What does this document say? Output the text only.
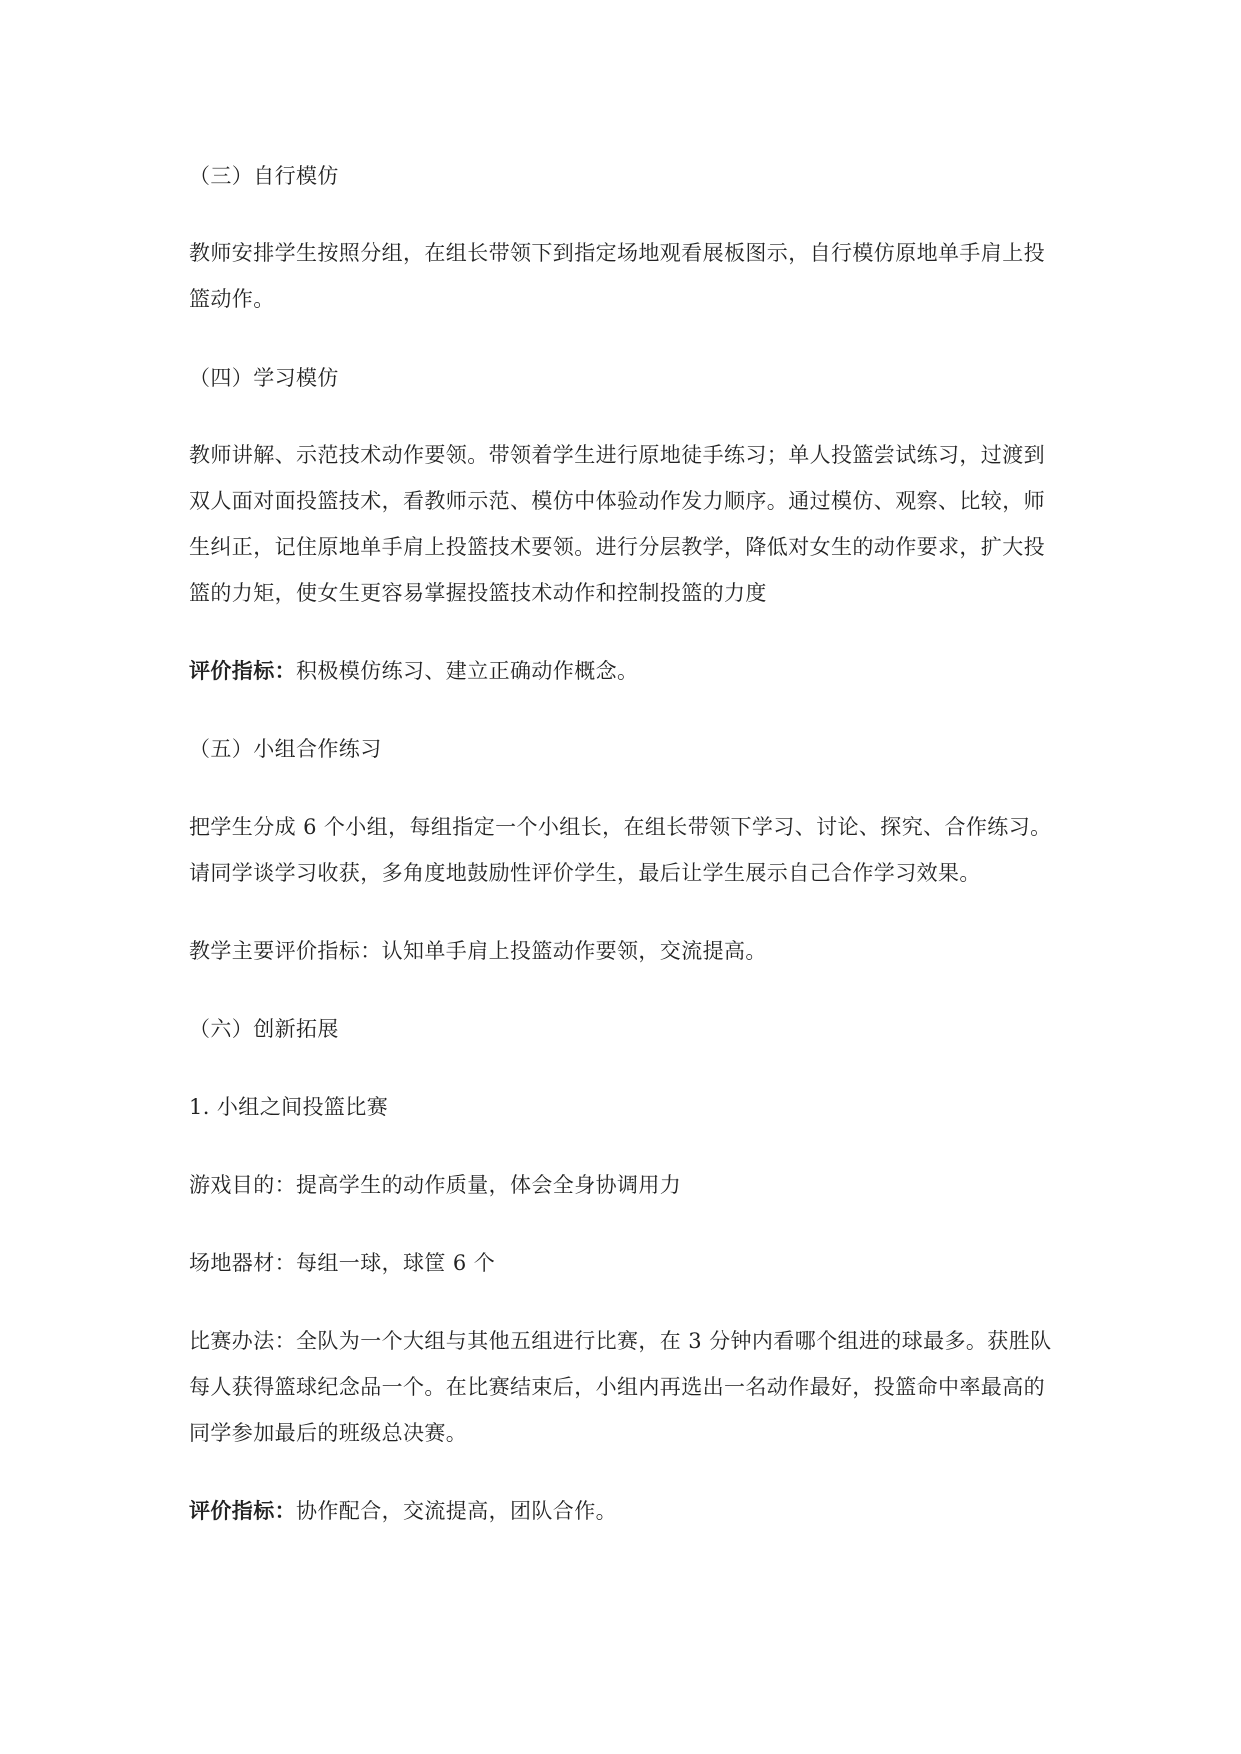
（三）自行模仿
教师安排学生按照分组，在组长带领下到指定场地观看展板图示，自行模仿原地单手肩上投
篮动作。
（四）学习模仿
教师讲解、示范技术动作要领。带领着学生进行原地徒手练习；单人投篮尝试练习，过渡到
双人面对面投篮技术，看教师示范、模仿中体验动作发力顺序。通过模仿、观察、比较，师
生纠正，记住原地单手肩上投篮技术要领。进行分层教学，降低对女生的动作要求，扩大投
篮的力矩，使女生更容易掌握投篮技术动作和控制投篮的力度
评价指标：积极模仿练习、建立正确动作概念。
（五）小组合作练习
把学生分成 6 个小组，每组指定一个小组长，在组长带领下学习、讨论、探究、合作练习。
请同学谈学习收获，多角度地鼓励性评价学生，最后让学生展示自己合作学习效果。
教学主要评价指标：认知单手肩上投篮动作要领，交流提高。
（六）创新拓展
1. 小组之间投篮比赛
游戏目的：提高学生的动作质量，体会全身协调用力
场地器材：每组一球，球筐 6 个
比赛办法：全队为一个大组与其他五组进行比赛，在 3 分钟内看哪个组进的球最多。获胜队
每人获得篮球纪念品一个。在比赛结束后，小组内再选出一名动作最好，投篮命中率最高的
同学参加最后的班级总决赛。
评价指标：协作配合，交流提高，团队合作。
